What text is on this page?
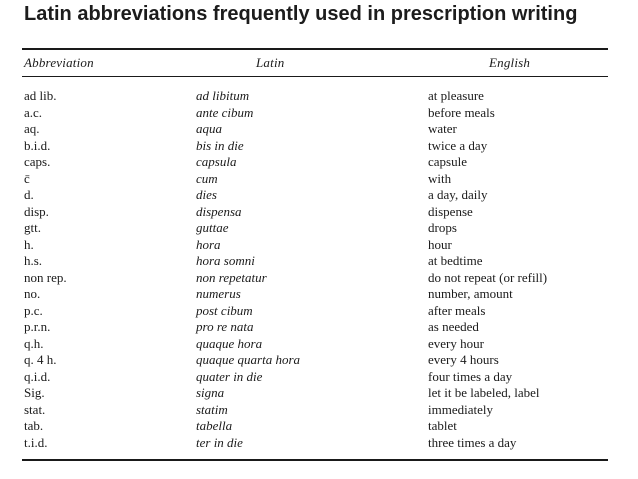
Latin abbreviations frequently used in prescription writing
Abbreviation	Latin	English
ad lib.	ad libitum	at pleasure
a.c.	ante cibum	before meals
aq.	aqua	water
b.i.d.	bis in die	twice a day
caps.	capsula	capsule
c̄	cum	with
d.	dies	a day, daily
disp.	dispensa	dispense
gtt.	guttae	drops
h.	hora	hour
h.s.	hora somni	at bedtime
non rep.	non repetatur	do not repeat (or refill)
no.	numerus	number, amount
p.c.	post cibum	after meals
p.r.n.	pro re nata	as needed
q.h.	quaque hora	every hour
q. 4 h.	quaque quarta hora	every 4 hours
q.i.d.	quater in die	four times a day
Sig.	signa	let it be labeled, label
stat.	statim	immediately
tab.	tabella	tablet
t.i.d.	ter in die	three times a day
